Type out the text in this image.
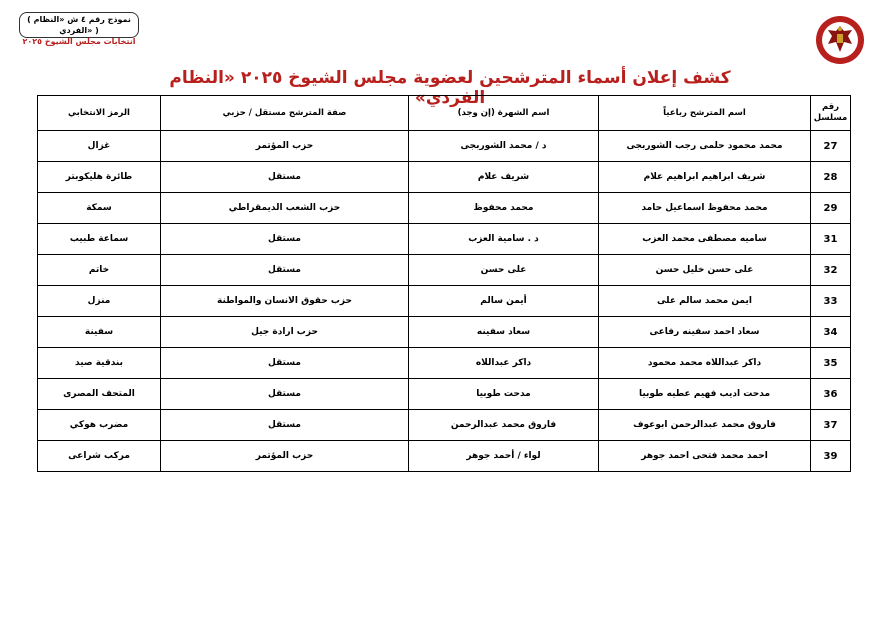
( نموذج رقم ٤ ش «النظام الفردي» )
انتخابات مجلس الشيوخ ٢٠٢٥
كشف إعلان أسماء المترشحين لعضوية مجلس الشيوخ ٢٠٢٥ «النظام الفردي»	رقم مسلسل	اسم المترشح رباعياً	اسم الشهرة (إن وجد)	صفة المترشح مستقل / حزبي	الرمز الانتخابي
27	محمد محمود حلمى رجب الشوربجى	د / محمد الشوربجى	حزب المؤتمر	غزال
28	شريف ابراهيم ابراهيم علام	شريف علام	مستقل	طائرة هليكوبتر
29	محمد محفوظ اسماعيل حامد	محمد محفوظ	حزب الشعب الديمقراطي	سمكة
31	ساميه مصطفى محمد العزب	د . سامية العزب	مستقل	سماعة طبيب
32	على حسن خليل حسن	على حسن	مستقل	خاتم
33	ايمن محمد سالم على	أيمن سالم	حزب حقوق الانسان والمواطنة	منزل
34	سعاد احمد سفينه رفاعى	سعاد سفينه	حزب ارادة جيل	سفينة
35	داكر عبداللاه محمد محمود	داكر عبداللاه	مستقل	بندقية صيد
36	مدحت اديب فهيم عطيه طوبيا	مدحت طوبيا	مستقل	المتحف المصرى
37	فاروق محمد عبدالرحمن ابوعوف	فاروق محمد عبدالرحمن	مستقل	مضرب هوكي
39	احمد محمد فتحى احمد جوهر	لواء / أحمد جوهر	حزب المؤتمر	مركب شراعى
